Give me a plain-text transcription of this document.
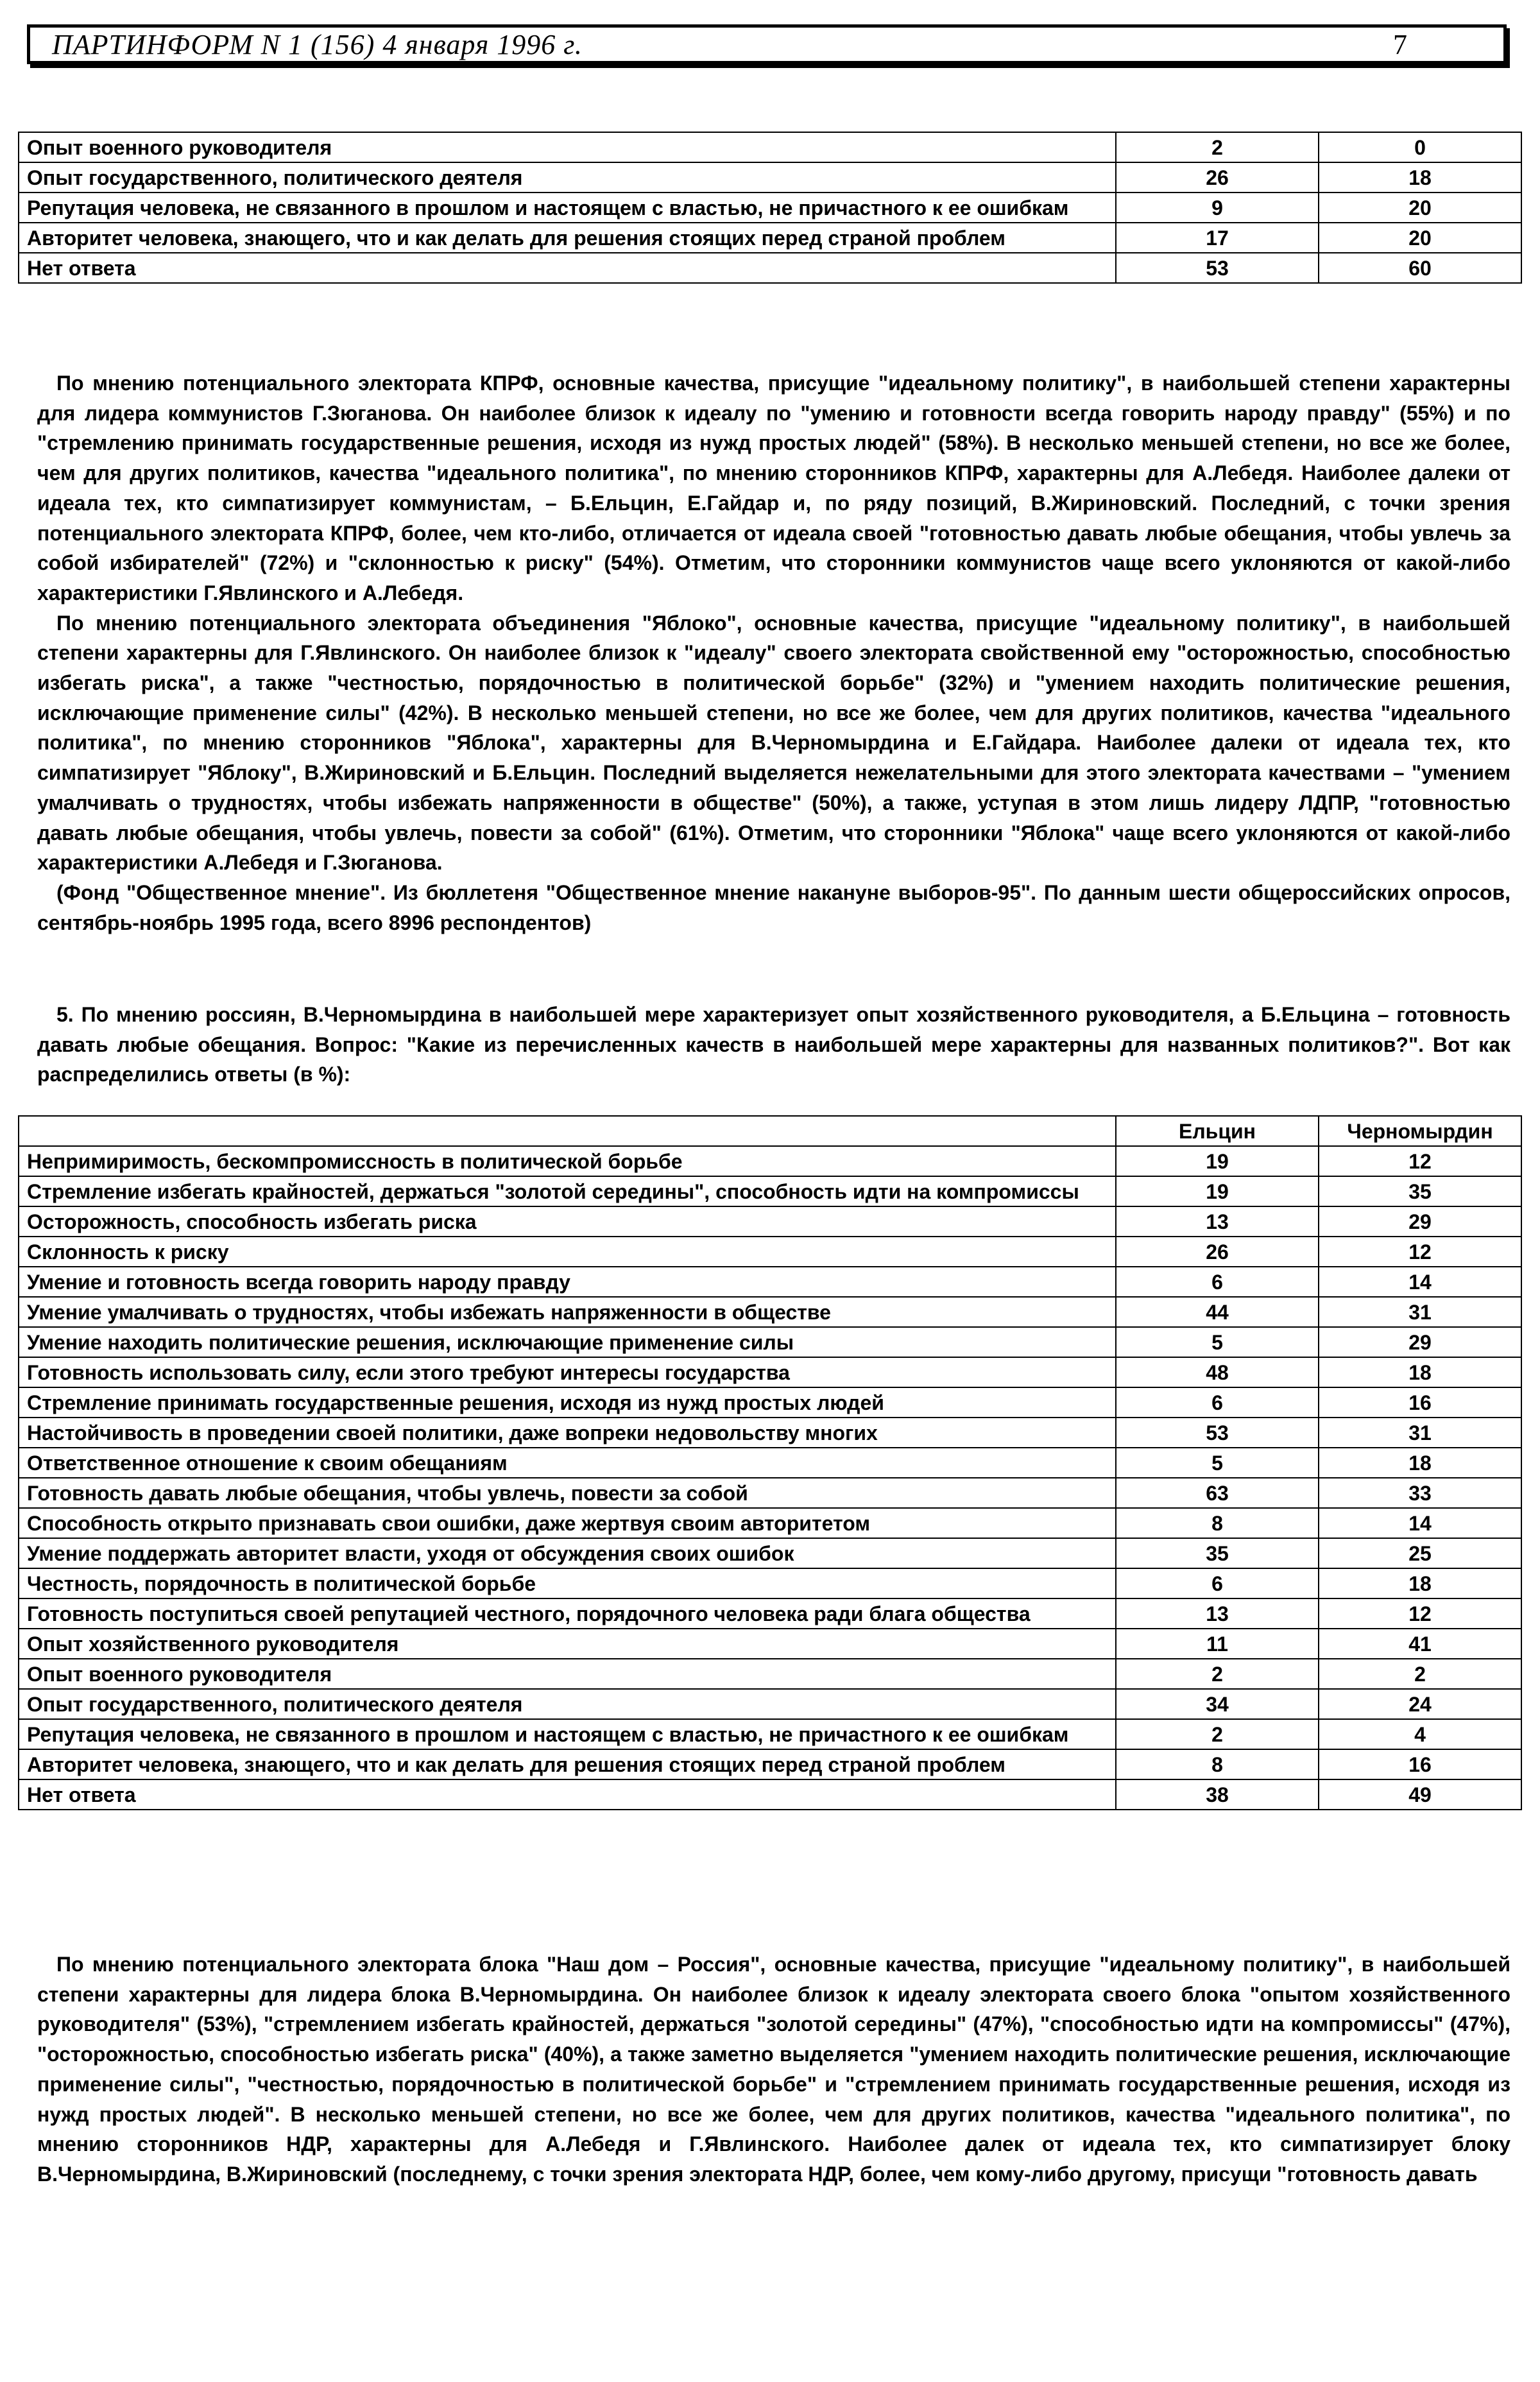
ПАРТИНФОРМ N 1 (156) 4 января 1996 г.	7
Опыт военного руководителя	2	0
Опыт государственного, политического деятеля	26	18
Репутация человека, не связанного в прошлом и настоящем с властью, не причастного к ее ошибкам	9	20
Авторитет человека, знающего, что и как делать для решения стоящих перед страной проблем	17	20
Нет ответа	53	60

По мнению потенциального электората КПРФ, основные качества, присущие "идеальному политику", в наибольшей степени характерны для лидера коммунистов Г.Зюганова. Он наиболее близок к идеалу по "умению и готовности всегда говорить народу правду" (55%) и по "стремлению принимать государственные решения, исходя из нужд простых людей" (58%). В несколько меньшей степени, но все же более, чем для других политиков, качества "идеального политика", по мнению сторонников КПРФ, характерны для А.Лебедя. Наиболее далеки от идеала тех, кто симпатизирует коммунистам, – Б.Ельцин, Е.Гайдар и, по ряду позиций, В.Жириновский. Последний, с точки зрения потенциального электората КПРФ, более, чем кто-либо, отличается от идеала своей "готовностью давать любые обещания, чтобы увлечь за собой избирателей" (72%) и "склонностью к риску" (54%). Отметим, что сторонники коммунистов чаще всего уклоняются от какой-либо характеристики Г.Явлинского и А.Лебедя.

По мнению потенциального электората объединения "Яблоко", основные качества, присущие "идеальному политику", в наибольшей степени характерны для Г.Явлинского. Он наиболее близок к "идеалу" своего электората свойственной ему "осторожностью, способностью избегать риска", а также "честностью, порядочностью в политической борьбе" (32%) и "умением находить политические решения, исключающие применение силы" (42%). В несколько меньшей степени, но все же более, чем для других политиков, качества "идеального политика", по мнению сторонников "Яблока", характерны для В.Черномырдина и Е.Гайдара. Наиболее далеки от идеала тех, кто симпатизирует "Яблоку", В.Жириновский и Б.Ельцин. Последний выделяется нежелательными для этого электората качествами – "умением умалчивать о трудностях, чтобы избежать напряженности в обществе" (50%), а также, уступая в этом лишь лидеру ЛДПР, "готовностью давать любые обещания, чтобы увлечь, повести за собой" (61%). Отметим, что сторонники "Яблока" чаще всего уклоняются от какой-либо характеристики А.Лебедя и Г.Зюганова.

(Фонд "Общественное мнение". Из бюллетеня "Общественное мнение накануне выборов-95". По данным шести общероссийских опросов, сентябрь-ноябрь 1995 года, всего 8996 респондентов)

5. По мнению россиян, В.Черномырдина в наибольшей мере характеризует опыт хозяйственного руководителя, а Б.Ельцина – готовность давать любые обещания. Вопрос: "Какие из перечисленных качеств в наибольшей мере характерны для названных политиков?". Вот как распределились ответы (в %):

	Ельцин	Черномырдин
Непримиримость, бескомпромиссность в политической борьбе	19	12
Стремление избегать крайностей, держаться "золотой середины", способность идти на компромиссы	19	35
Осторожность, способность избегать риска	13	29
Склонность к риску	26	12
Умение и готовность всегда говорить народу правду	6	14
Умение умалчивать о трудностях, чтобы избежать напряженности в обществе	44	31
Умение находить политические решения, исключающие применение силы	5	29
Готовность использовать силу, если этого требуют интересы государства	48	18
Стремление принимать государственные решения, исходя из нужд простых людей	6	16
Настойчивость в проведении своей политики, даже вопреки недовольству многих	53	31
Ответственное отношение к своим обещаниям	5	18
Готовность давать любые обещания, чтобы увлечь, повести за собой	63	33
Способность открыто признавать свои ошибки, даже жертвуя своим авторитетом	8	14
Умение поддержать авторитет власти, уходя от обсуждения своих ошибок	35	25
Честность, порядочность в политической борьбе	6	18
Готовность поступиться своей репутацией честного, порядочного человека ради блага общества	13	12
Опыт хозяйственного руководителя	11	41
Опыт военного руководителя	2	2
Опыт государственного, политического деятеля	34	24
Репутация человека, не связанного в прошлом и настоящем с властью, не причастного к ее ошибкам	2	4
Авторитет человека, знающего, что и как делать для решения стоящих перед страной проблем	8	16
Нет ответа	38	49

По мнению потенциального электората блока "Наш дом – Россия", основные качества, присущие "идеальному политику", в наибольшей степени характерны для лидера блока В.Черномырдина. Он наиболее близок к идеалу электората своего блока "опытом хозяйственного руководителя" (53%), "стремлением избегать крайностей, держаться "золотой середины" (47%), "способностью идти на компромиссы" (47%), "осторожностью, способностью избегать риска" (40%), а также заметно выделяется "умением находить политические решения, исключающие применение силы", "честностью, порядочностью в политической борьбе" и "стремлением принимать государственные решения, исходя из нужд простых людей". В несколько меньшей степени, но все же более, чем для других политиков, качества "идеального политика", по мнению сторонников НДР, характерны для А.Лебедя и Г.Явлинского. Наиболее далек от идеала тех, кто симпатизирует блоку В.Черномырдина, В.Жириновский (последнему, с точки зрения электората НДР, более, чем кому-либо другому, присущи "готовность давать
